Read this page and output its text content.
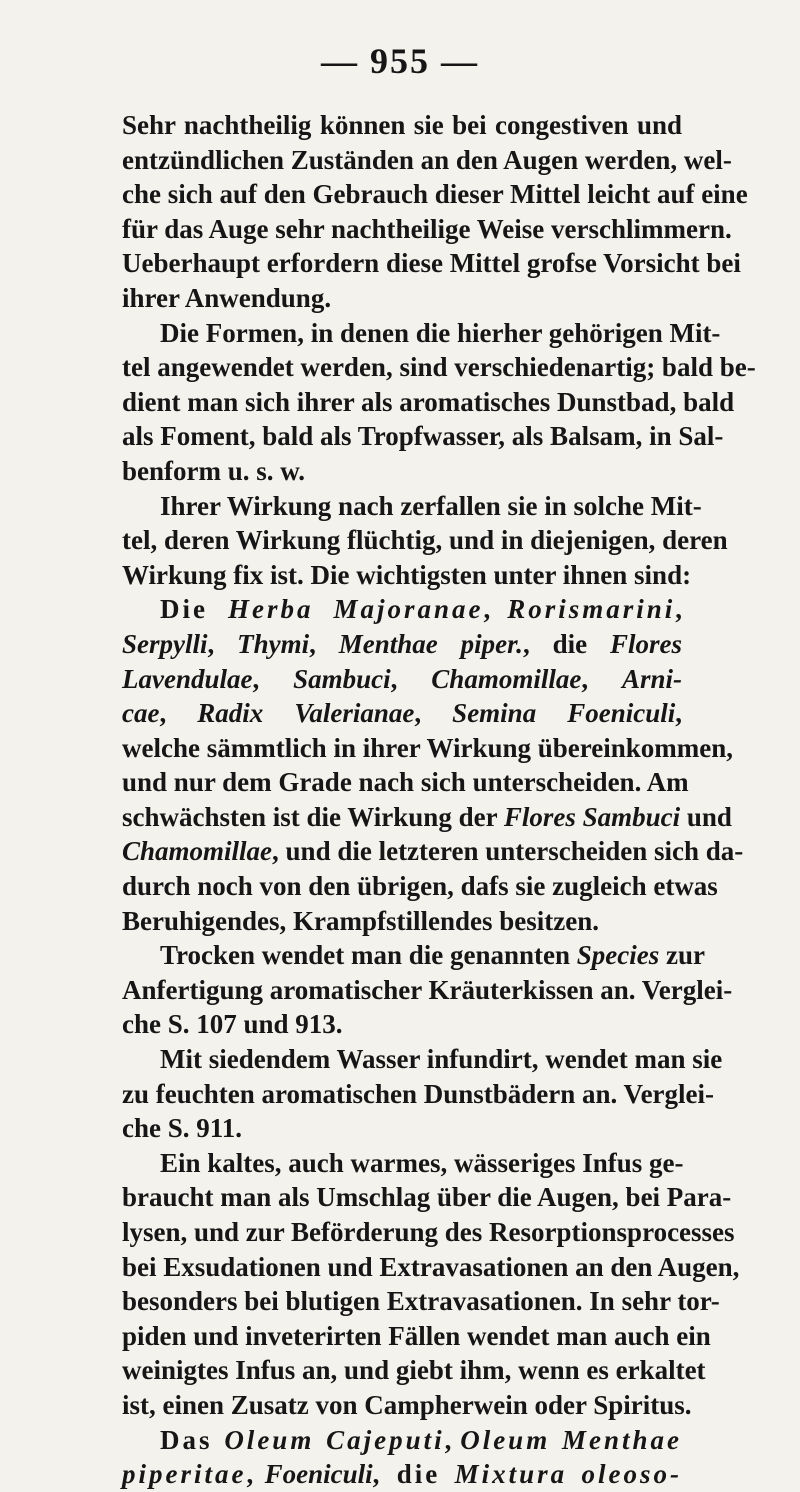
— 955 —
Sehr nachtheilig können sie bei congestiven und
entzündlichen Zuständen an den Augen werden, wel-
che sich auf den Gebrauch dieser Mittel leicht auf eine
für das Auge sehr nachtheilige Weise verschlimmern.
Ueberhaupt erfordern diese Mittel grofse Vorsicht bei
ihrer Anwendung.
Die Formen, in denen die hierher gehörigen Mit-
tel angewendet werden, sind verschiedenartig; bald be-
dient man sich ihrer als aromatisches Dunstbad, bald
als Foment, bald als Tropfwasser, als Balsam, in Sal-
benform u. s. w.
Ihrer Wirkung nach zerfallen sie in solche Mit-
tel, deren Wirkung flüchtig, und in diejenigen, deren
Wirkung fix ist. Die wichtigsten unter ihnen sind:
Die Herba Majoranae, Rorismarini,
Serpylli, Thymi, Menthae piper., die Flores
Lavendulae, Sambuci, Chamomillae, Arni-
cae, Radix Valerianae, Semina Foeniculi,
welche sämmtlich in ihrer Wirkung übereinkommen,
und nur dem Grade nach sich unterscheiden. Am
schwächsten ist die Wirkung der Flores Sambuci und
Chamomillae, und die letzteren unterscheiden sich da-
durch noch von den übrigen, dafs sie zugleich etwas
Beruhigendes, Krampfstillendes besitzen.
Trocken wendet man die genannten Species zur
Anfertigung aromatischer Kräuterkissen an. Verglei-
che S. 107 und 913.
Mit siedendem Wasser infundirt, wendet man sie
zu feuchten aromatischen Dunstbädern an. Verglei-
che S. 911.
Ein kaltes, auch warmes, wässeriges Infus ge-
braucht man als Umschlag über die Augen, bei Para-
lysen, und zur Beförderung des Resorptionsprocesses
bei Exsudationen und Extravasationen an den Augen,
besonders bei blutigen Extravasationen. In sehr tor-
piden und inveterirten Fällen wendet man auch ein
weinigtes Infus an, und giebt ihm, wenn es erkaltet
ist, einen Zusatz von Campherwein oder Spiritus.
Das Oleum Cajeputi, Oleum Menthae
piperitae, Foeniculi, die Mixtura oleoso-
